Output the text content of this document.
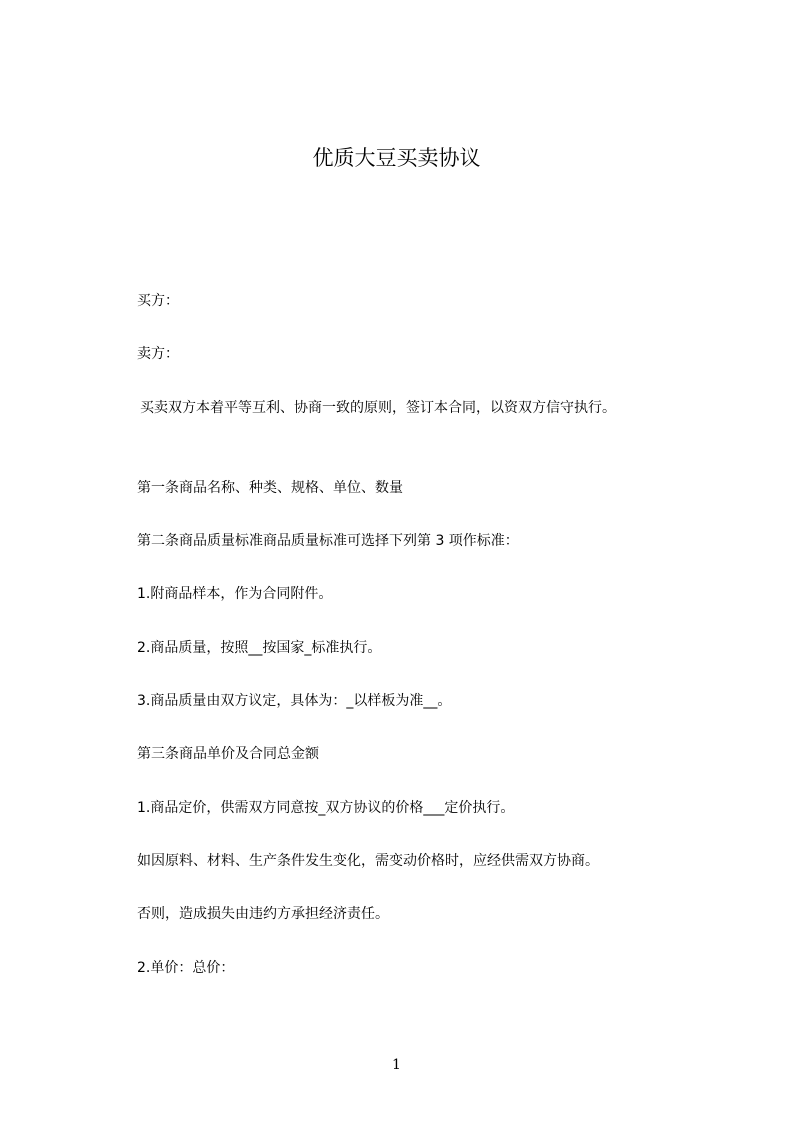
优质大豆买卖协议

买方：

卖方：

买卖双方本着平等互利、协商一致的原则，签订本合同，以资双方信守执行。

第一条商品名称、种类、规格、单位、数量

第二条商品质量标准商品质量标准可选择下列第 3 项作标准：

1.附商品样本，作为合同附件。

2.商品质量，按照__按国家_标准执行。

3.商品质量由双方议定，具体为：_以样板为准__。

第三条商品单价及合同总金额

1.商品定价，供需双方同意按_双方协议的价格___定价执行。

如因原料、材料、生产条件发生变化，需变动价格时，应经供需双方协商。

否则，造成损失由违约方承担经济责任。

2.单价：总价：

1
